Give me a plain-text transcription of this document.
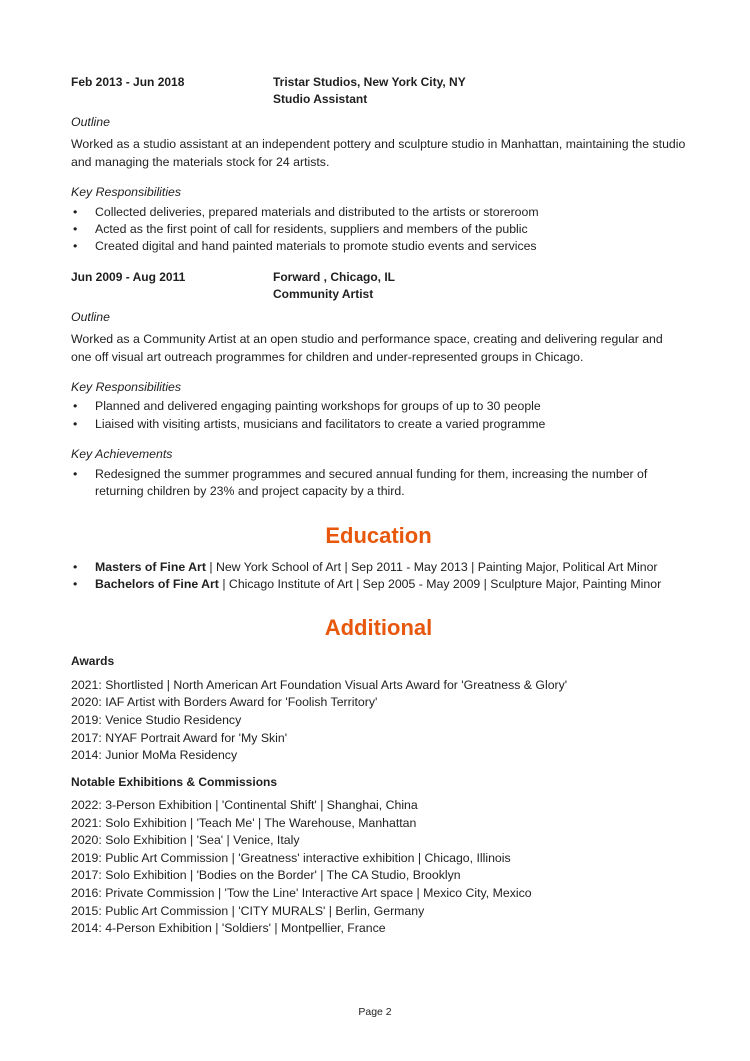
Feb 2013 - Jun 2018	Tristar Studios, New York City, NY
Studio Assistant
Outline
Worked as a studio assistant at an independent pottery and sculpture studio in Manhattan, maintaining the studio and managing the materials stock for 24 artists.
Key Responsibilities
• Collected deliveries, prepared materials and distributed to the artists or storeroom
• Acted as the first point of call for residents, suppliers and members of the public
• Created digital and hand painted materials to promote studio events and services
Jun 2009 - Aug 2011	Forward , Chicago, IL
Community Artist
Outline
Worked as a Community Artist at an open studio and performance space, creating and delivering regular and one off visual art outreach programmes for children and under-represented groups in Chicago.
Key Responsibilities
• Planned and delivered engaging painting workshops for groups of up to 30 people
• Liaised with visiting artists, musicians and facilitators to create a varied programme
Key Achievements
• Redesigned the summer programmes and secured annual funding for them, increasing the number of returning children by 23% and project capacity by a third.
Education
• Masters of Fine Art | New York School of Art | Sep 2011 - May 2013 | Painting Major, Political Art Minor
• Bachelors of Fine Art | Chicago Institute of Art | Sep 2005 - May 2009 | Sculpture Major, Painting Minor
Additional
Awards
2021: Shortlisted | North American Art Foundation Visual Arts Award for 'Greatness & Glory'
2020: IAF Artist with Borders Award for 'Foolish Territory'
2019: Venice Studio Residency
2017: NYAF Portrait Award for 'My Skin'
2014: Junior MoMa Residency
Notable Exhibitions & Commissions
2022: 3-Person Exhibition | 'Continental Shift' | Shanghai, China
2021: Solo Exhibition | 'Teach Me' | The Warehouse, Manhattan
2020: Solo Exhibition | 'Sea' | Venice, Italy
2019: Public Art Commission | 'Greatness' interactive exhibition | Chicago, Illinois
2017: Solo Exhibition | 'Bodies on the Border' | The CA Studio, Brooklyn
2016: Private Commission | 'Tow the Line' Interactive Art space | Mexico City, Mexico
2015: Public Art Commission | 'CITY MURALS' | Berlin, Germany
2014: 4-Person Exhibition | 'Soldiers' | Montpellier, France
Page 2
